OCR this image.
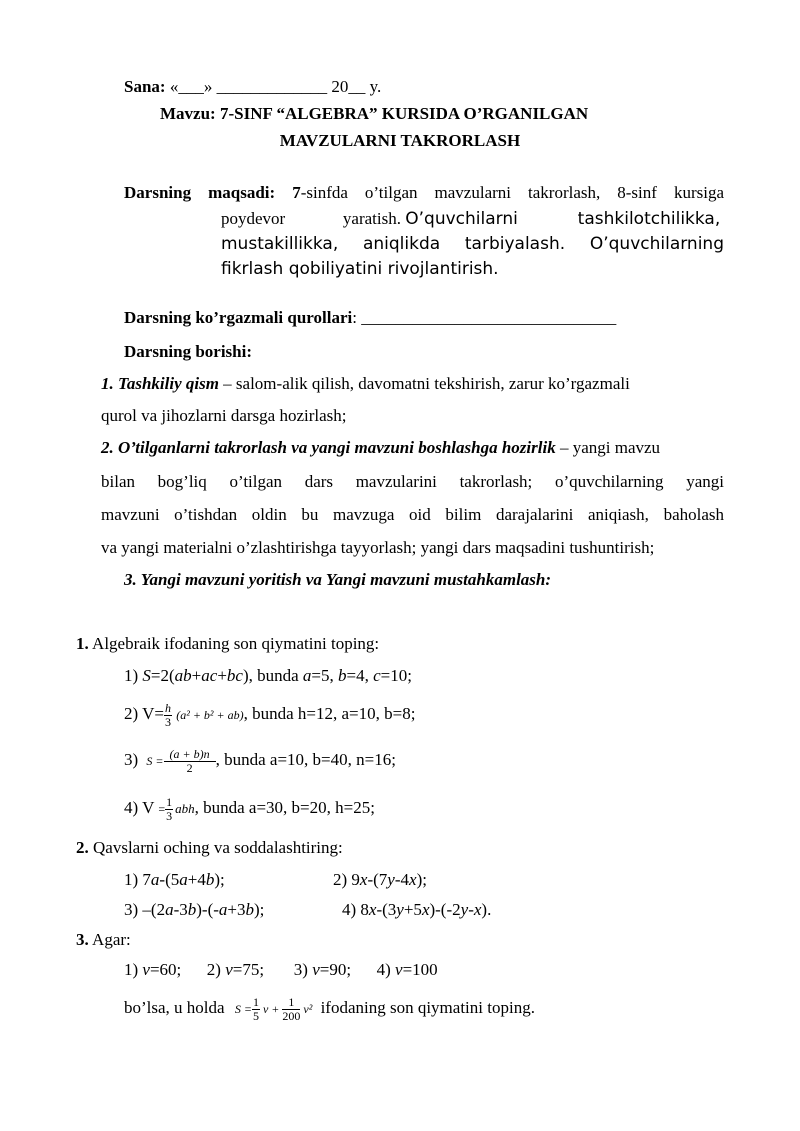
Sana: «___» _____________ 20__ y.
Mavzu: 7-SINF “ALGEBRA” KURSIDA O’RGANILGAN
MAVZULARNI TAKRORLASH
Darsning maqsadi: 7-sinfda o’tilgan mavzularni takrorlash, 8-sinf kursiga
poydevor yaratish. O’quvchilarni tashkilotchilikka,
mustakillikka, aniqlikda tarbiyalash. O’quvchilarning
fikrlash qobiliyatini rivojlantirish.
Darsning ko’rgazmali qurollari: ______________________________
Darsning borishi:
1. Tashkiliy qism – salom-alik qilish, davomatni tekshirish, zarur ko’rgazmali
qurol va jihozlarni darsga hozirlash;
2. O’tilganlarni takrorlash va yangi mavzuni boshlashga hozirlik – yangi mavzu
bilan bog’liq o’tilgan dars mavzularini takrorlash; o’quvchilarning yangi
mavzuni o’tishdan oldin bu mavzuga oid bilim darajalarini aniqiash, baholash
va yangi materialni o’zlashtirishga tayyorlash; yangi dars maqsadini tushuntirish;
3. Yangi mavzuni yoritish va Yangi mavzuni mustahkamlash:
1. Algebraik ifodaning son qiymatini toping:
1) S=2(ab+ac+bc), bunda a=5, b=4, c=10;
2) $V= \frac{h}{3} (a^2 + b^2 + ab)$, bunda h=12, a=10, b=8;
3) $S = \frac{(a + b)n}{2}$ , bunda a=10, b=40, n=16;
4) $V = \frac{1}{3}$ abh, bunda a=30, b=20, h=25;
2. Qavslarni oching va soddalashtiring:
1) 7a-(5a+4b);	2) 9x-(7y-4x);
3) –(2a-3b)-(-a+3b);	4) 8x-(3y+5x)-(-2y-x).
3. Agar:
1) v=60;      2) v=75;       3) v=90;      4) v=100
bo’lsa, u holda $S = \frac{1}{5}$ $v + \frac{1}{200} v^2$ ifodaning son qiymatini toping.
